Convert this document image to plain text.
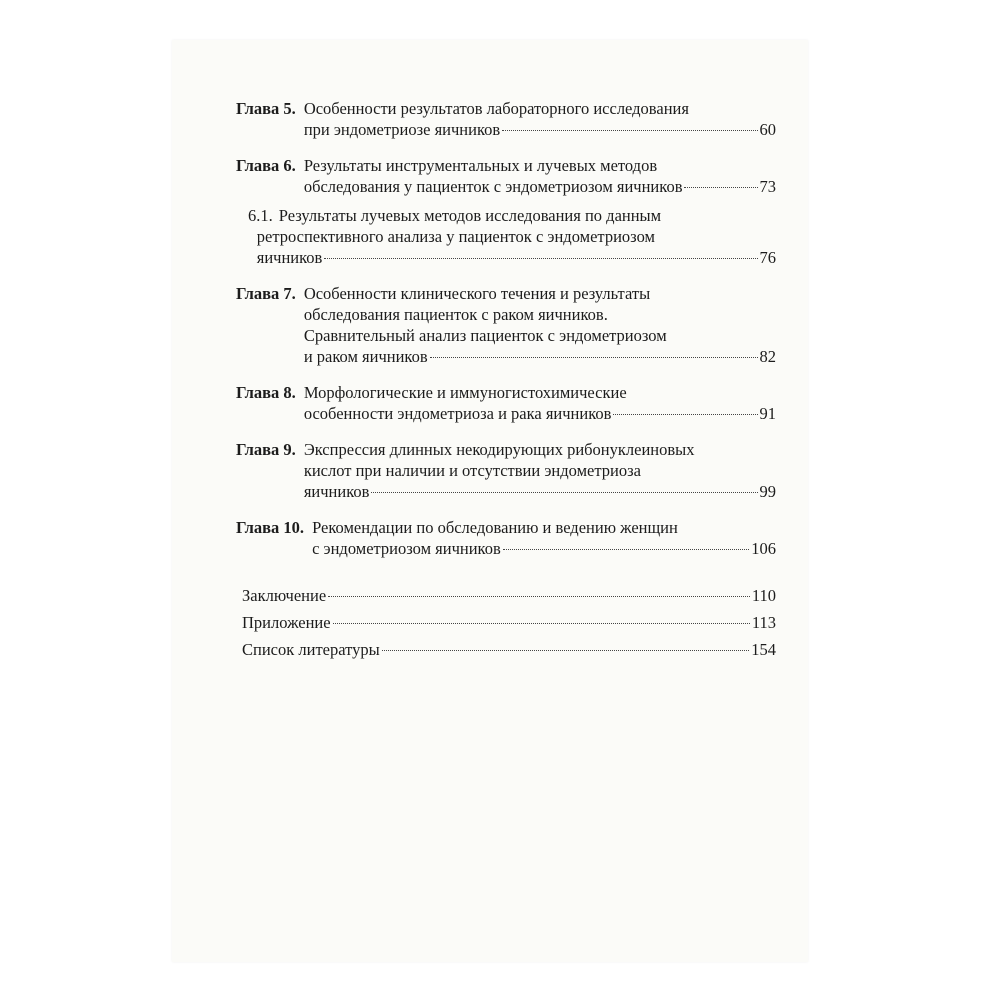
Глава 5. Особенности результатов лабораторного исследования
при эндометриозе яичников	60
Глава 6. Результаты инструментальных и лучевых методов
обследования у пациенток с эндометриозом яичников	73
6.1. Результаты лучевых методов исследования по данным
ретроспективного анализа у пациенток с эндометриозом
яичников	76
Глава 7. Особенности клинического течения и результаты
обследования пациенток с раком яичников.
Сравнительный анализ пациенток с эндометриозом
и раком яичников	82
Глава 8. Морфологические и иммуногистохимические
особенности эндометриоза и рака яичников	91
Глава 9. Экспрессия длинных некодирующих рибонуклеиновых
кислот при наличии и отсутствии эндометриоза
яичников	99
Глава 10. Рекомендации по обследованию и ведению женщин
с эндометриозом яичников	106
Заключение	110
Приложение	113
Список литературы	154
